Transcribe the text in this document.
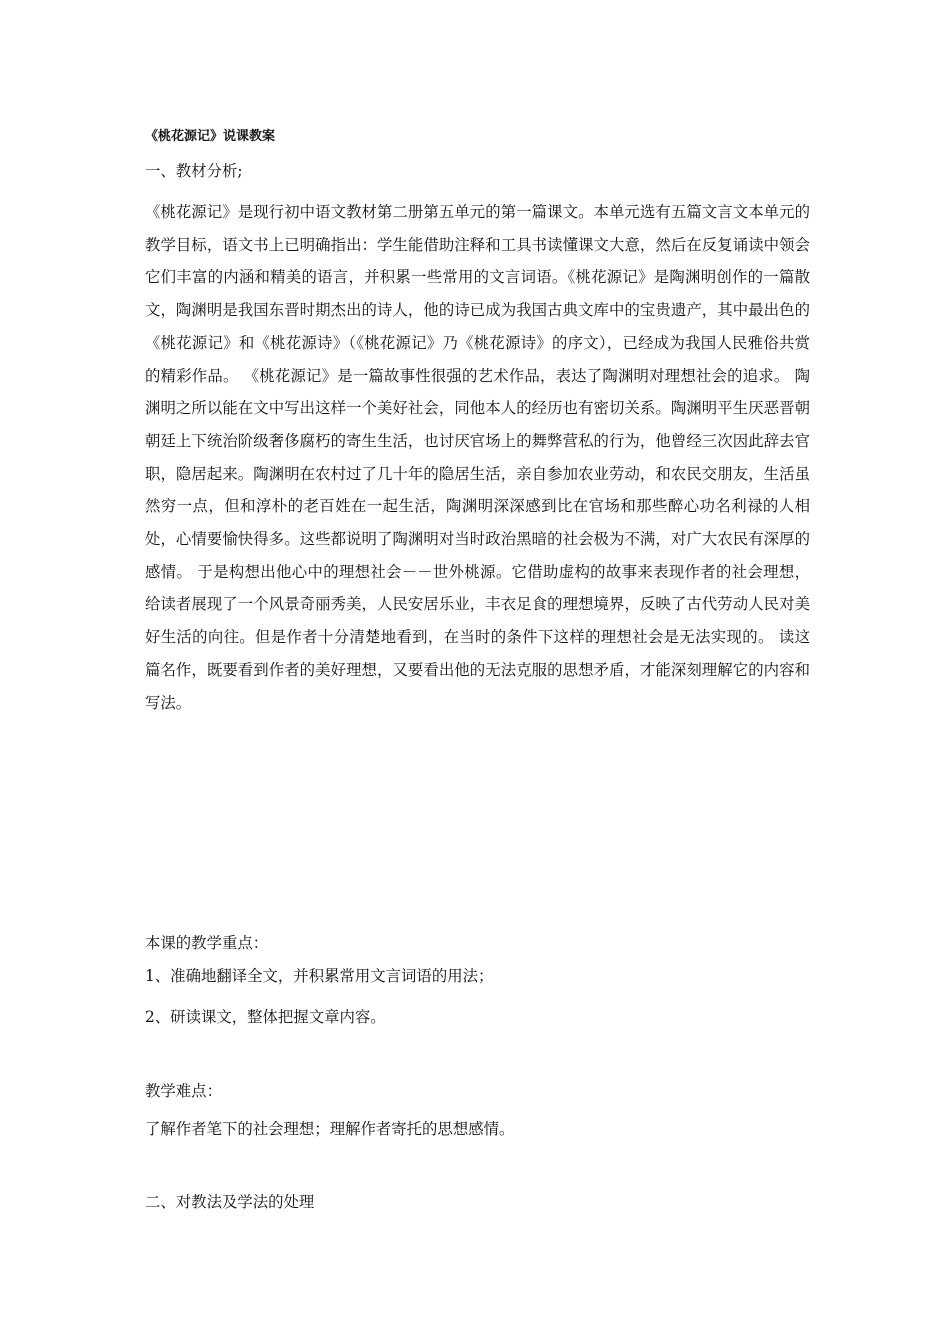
《桃花源记》说课教案
一、教材分析;

《桃花源记》是现行初中语文教材第二册第五单元的第一篇课文。本单元选有五篇文言文本单元的教学目标，语文书上已明确指出：学生能借助注释和工具书读懂课文大意，然后在反复诵读中领会它们丰富的内涵和精美的语言，并积累一些常用的文言词语。《桃花源记》是陶渊明创作的一篇散文，陶渊明是我国东晋时期杰出的诗人，他的诗已成为我国古典文库中的宝贵遗产，其中最出色的《桃花源记》和《桃花源诗》（《桃花源记》乃《桃花源诗》的序文），已经成为我国人民雅俗共赏的精彩作品。 《桃花源记》是一篇故事性很强的艺术作品，表达了陶渊明对理想社会的追求。 陶渊明之所以能在文中写出这样一个美好社会，同他本人的经历也有密切关系。陶渊明平生厌恶晋朝朝廷上下统治阶级奢侈腐朽的寄生生活，也讨厌官场上的舞弊营私的行为，他曾经三次因此辞去官职，隐居起来。陶渊明在农村过了几十年的隐居生活，亲自参加农业劳动，和农民交朋友，生活虽然穷一点，但和淳朴的老百姓在一起生活，陶渊明深深感到比在官场和那些醉心功名利禄的人相处，心情要愉快得多。这些都说明了陶渊明对当时政治黑暗的社会极为不满，对广大农民有深厚的感情。 于是构想出他心中的理想社会－－世外桃源。它借助虚构的故事来表现作者的社会理想，给读者展现了一个风景奇丽秀美，人民安居乐业，丰衣足食的理想境界，反映了古代劳动人民对美好生活的向往。但是作者十分清楚地看到，在当时的条件下这样的理想社会是无法实现的。 读这篇名作，既要看到作者的美好理想，又要看出他的无法克服的思想矛盾，才能深刻理解它的内容和写法。

本课的教学重点：
1、准确地翻译全文，并积累常用文言词语的用法；
2、研读课文，整体把握文章内容。
教学难点：
了解作者笔下的社会理想；理解作者寄托的思想感情。
二、对教法及学法的处理
